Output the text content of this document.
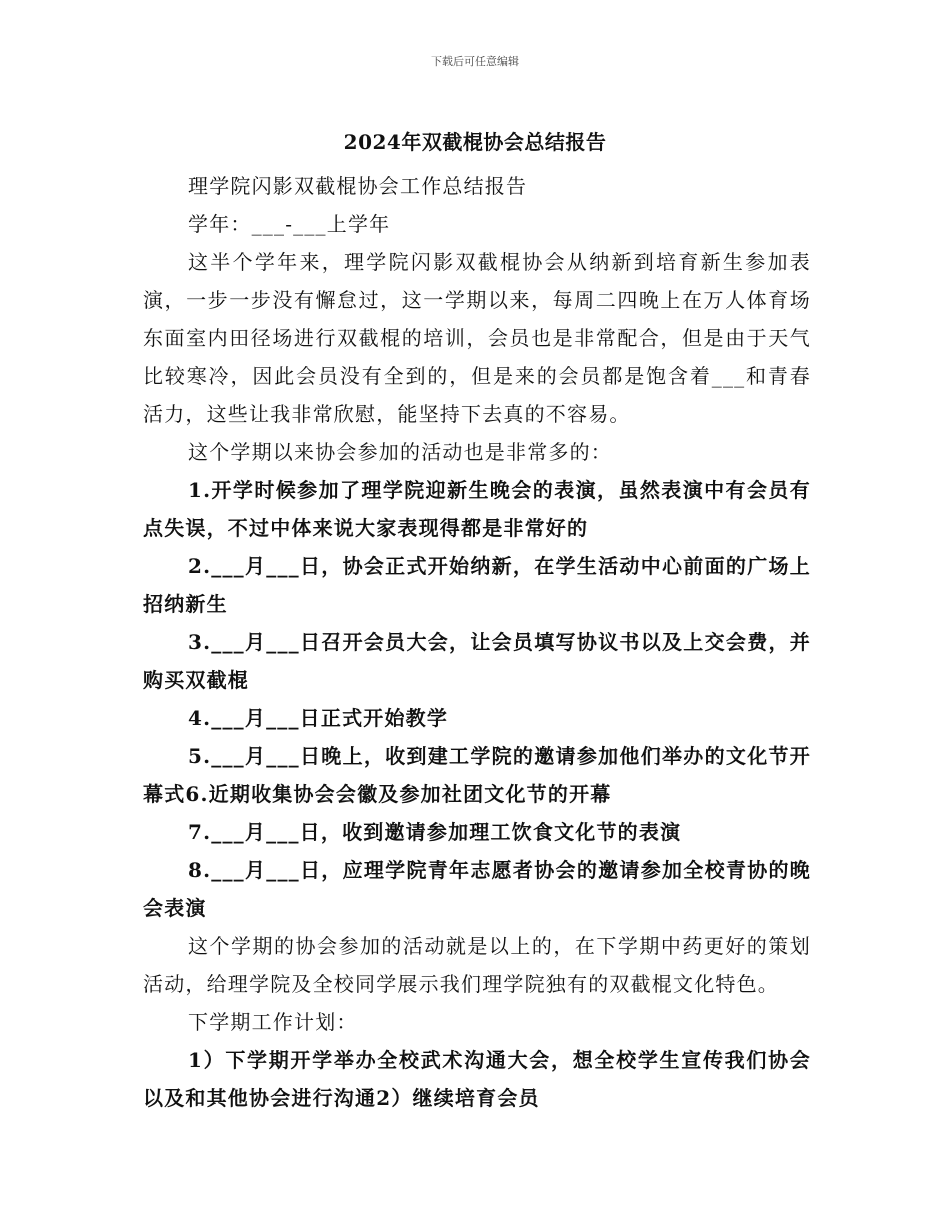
下载后可任意编辑
2024年双截棍协会总结报告

理学院闪影双截棍协会工作总结报告

学年：___-___上学年

这半个学年来，理学院闪影双截棍协会从纳新到培育新生参加表演，一步一步没有懈怠过，这一学期以来，每周二四晚上在万人体育场东面室内田径场进行双截棍的培训，会员也是非常配合，但是由于天气比较寒冷，因此会员没有全到的，但是来的会员都是饱含着___和青春活力，这些让我非常欣慰，能坚持下去真的不容易。

这个学期以来协会参加的活动也是非常多的：

1.开学时候参加了理学院迎新生晚会的表演，虽然表演中有会员有点失误，不过中体来说大家表现得都是非常好的

2.___月___日，协会正式开始纳新，在学生活动中心前面的广场上招纳新生

3.___月___日召开会员大会，让会员填写协议书以及上交会费，并购买双截棍

4.___月___日正式开始教学

5.___月___日晚上，收到建工学院的邀请参加他们举办的文化节开幕式6.近期收集协会会徽及参加社团文化节的开幕

7.___月___日，收到邀请参加理工饮食文化节的表演

8.___月___日，应理学院青年志愿者协会的邀请参加全校青协的晚会表演

这个学期的协会参加的活动就是以上的，在下学期中药更好的策划活动，给理学院及全校同学展示我们理学院独有的双截棍文化特色。

下学期工作计划：

1）下学期开学举办全校武术沟通大会，想全校学生宣传我们协会以及和其他协会进行沟通2）继续培育会员
